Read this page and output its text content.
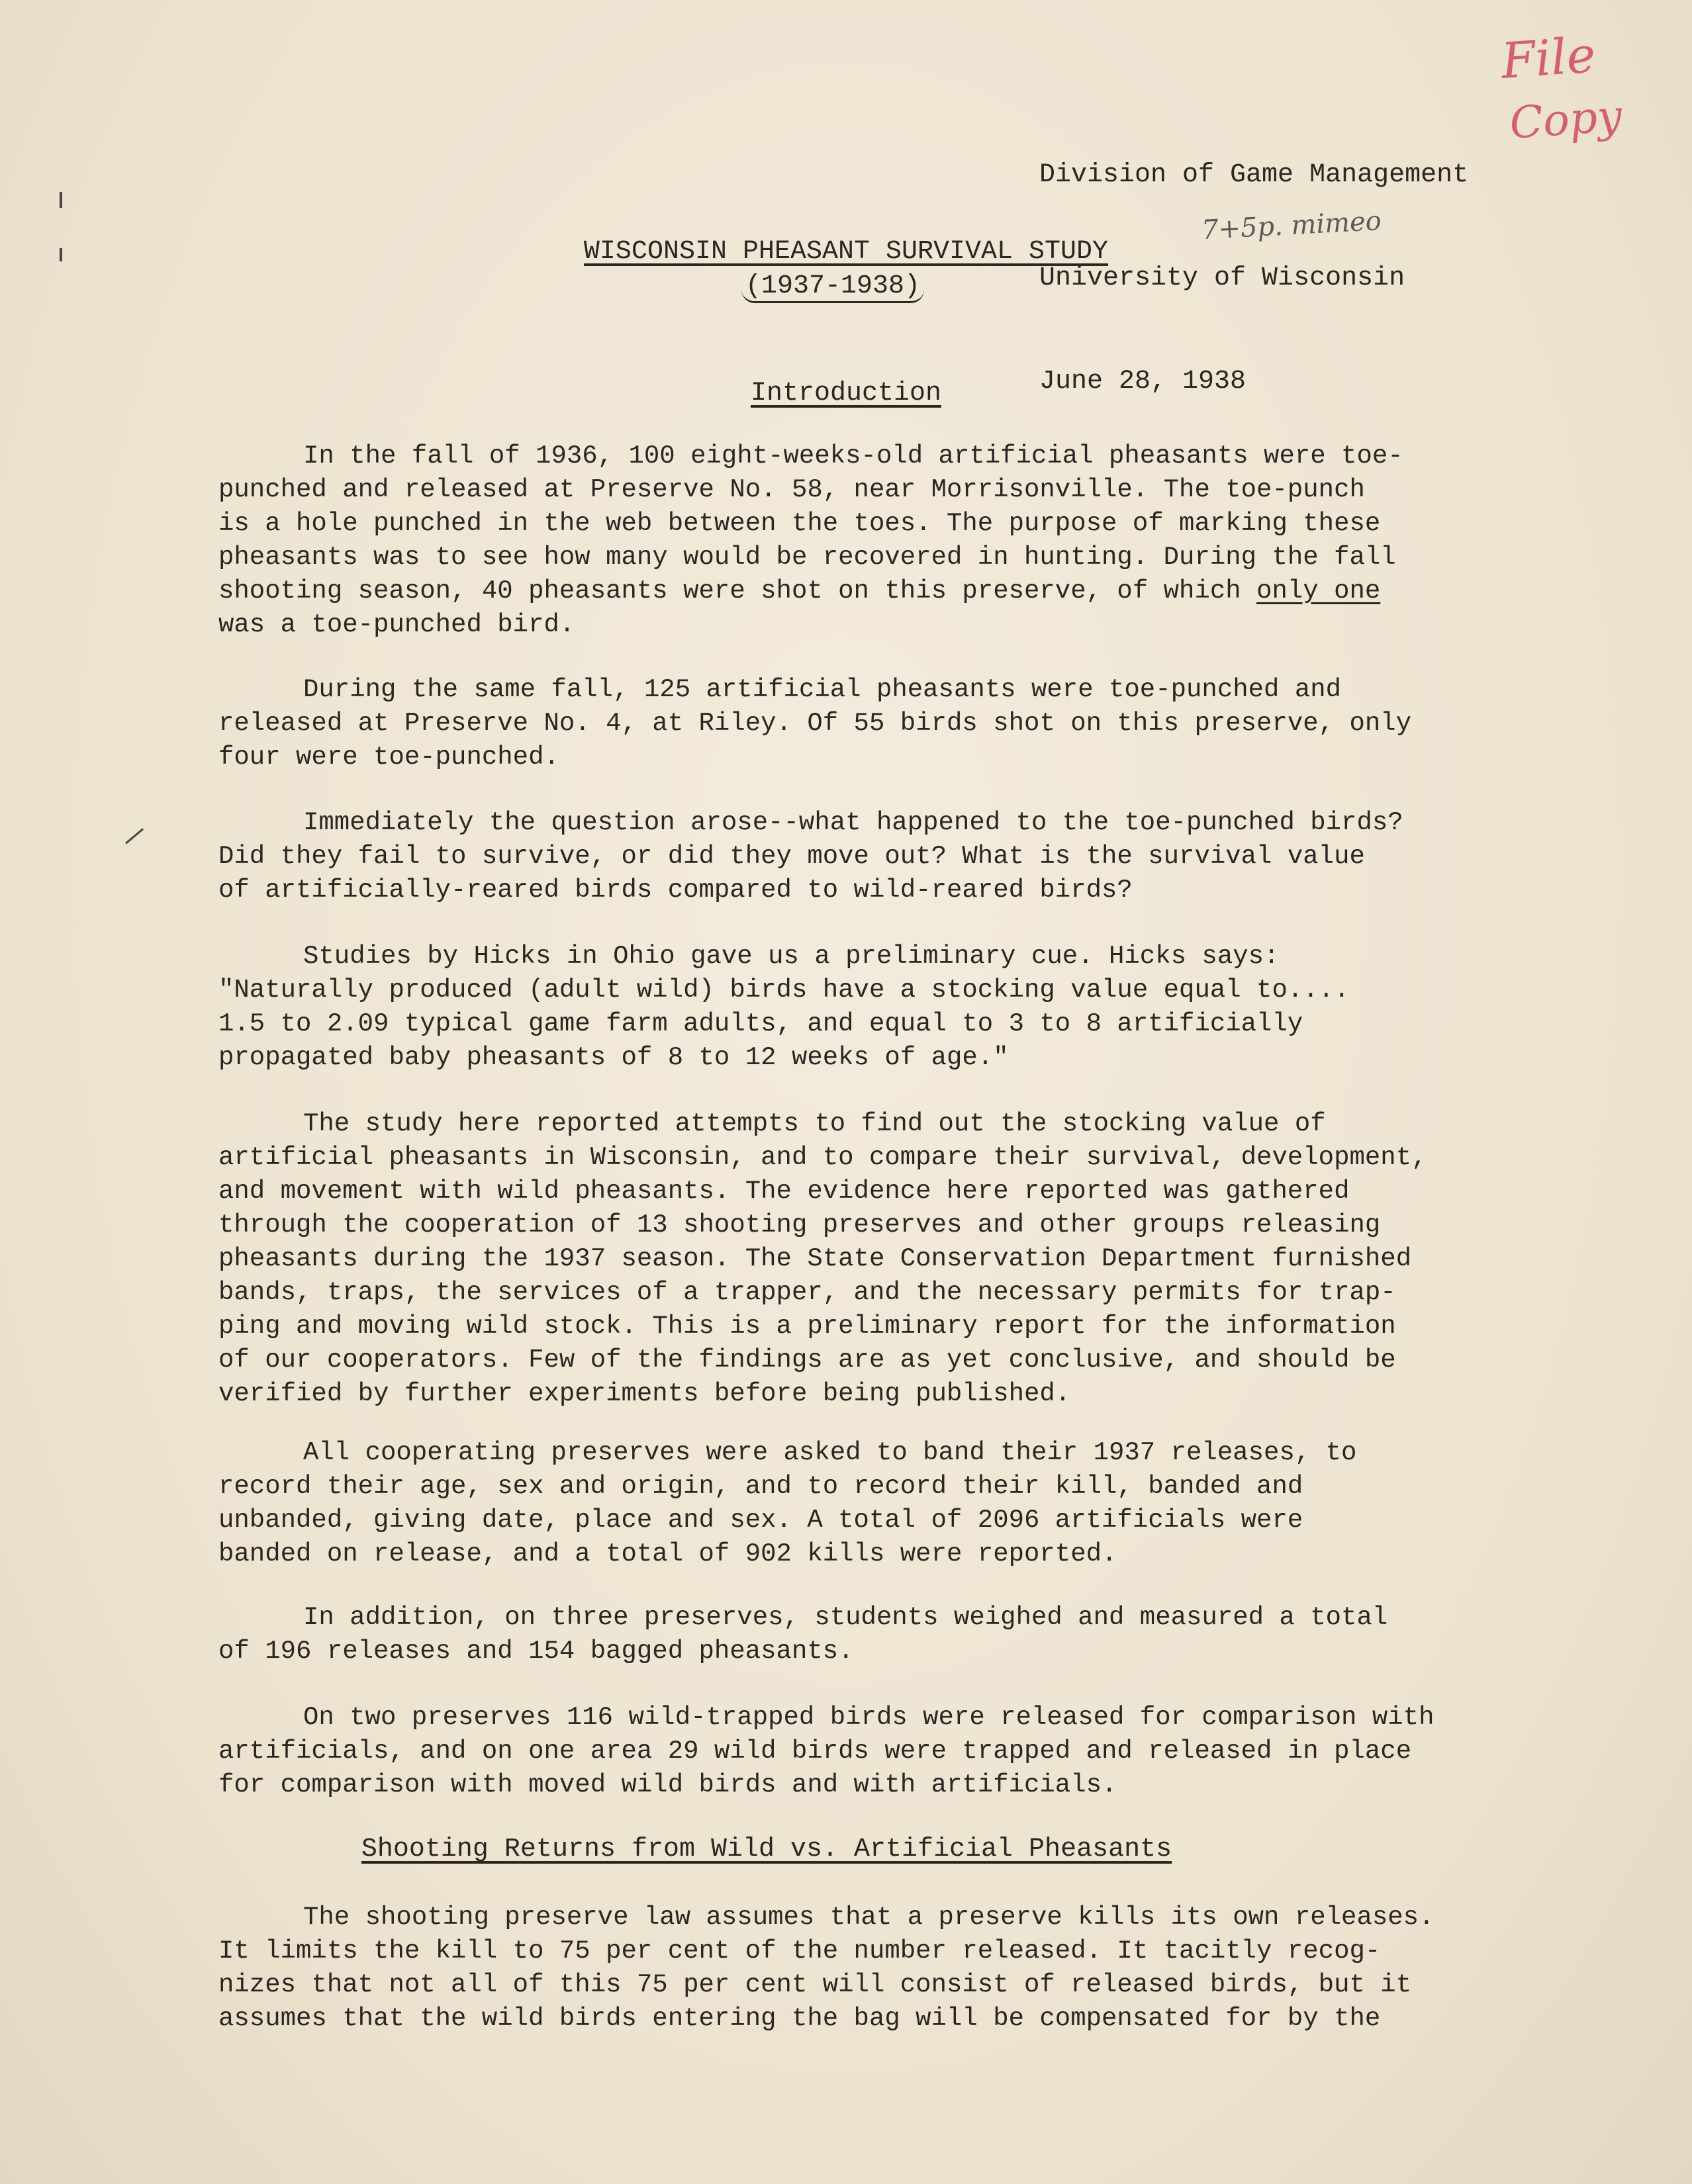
File
Copy
7+5p. mimeo

Division of Game Management

University of Wisconsin

June 28, 1938

WISCONSIN PHEASANT SURVIVAL STUDY
(1937-1938)
Introduction
In the fall of 1936, 100 eight-weeks-old artificial pheasants were toe-
punched and released at Preserve No. 58, near Morrisonville. The toe-punch
is a hole punched in the web between the toes. The purpose of marking these
pheasants was to see how many would be recovered in hunting. During the fall
shooting season, 40 pheasants were shot on this preserve, of which only one
was a toe-punched bird.
During the same fall, 125 artificial pheasants were toe-punched and
released at Preserve No. 4, at Riley. Of 55 birds shot on this preserve, only
four were toe-punched.
Immediately the question arose--what happened to the toe-punched birds?
Did they fail to survive, or did they move out? What is the survival value
of artificially-reared birds compared to wild-reared birds?
Studies by Hicks in Ohio gave us a preliminary cue. Hicks says:
"Naturally produced (adult wild) birds have a stocking value equal to....
1.5 to 2.09 typical game farm adults, and equal to 3 to 8 artificially
propagated baby pheasants of 8 to 12 weeks of age."
The study here reported attempts to find out the stocking value of
artificial pheasants in Wisconsin, and to compare their survival, development,
and movement with wild pheasants. The evidence here reported was gathered
through the cooperation of 13 shooting preserves and other groups releasing
pheasants during the 1937 season. The State Conservation Department furnished
bands, traps, the services of a trapper, and the necessary permits for trap-
ping and moving wild stock. This is a preliminary report for the information
of our cooperators. Few of the findings are as yet conclusive, and should be
verified by further experiments before being published.
All cooperating preserves were asked to band their 1937 releases, to
record their age, sex and origin, and to record their kill, banded and
unbanded, giving date, place and sex. A total of 2096 artificials were
banded on release, and a total of 902 kills were reported.
In addition, on three preserves, students weighed and measured a total
of 196 releases and 154 bagged pheasants.
On two preserves 116 wild-trapped birds were released for comparison with
artificials, and on one area 29 wild birds were trapped and released in place
for comparison with moved wild birds and with artificials.
Shooting Returns from Wild vs. Artificial Pheasants
The shooting preserve law assumes that a preserve kills its own releases.
It limits the kill to 75 per cent of the number released. It tacitly recog-
nizes that not all of this 75 per cent will consist of released birds, but it
assumes that the wild birds entering the bag will be compensated for by the
